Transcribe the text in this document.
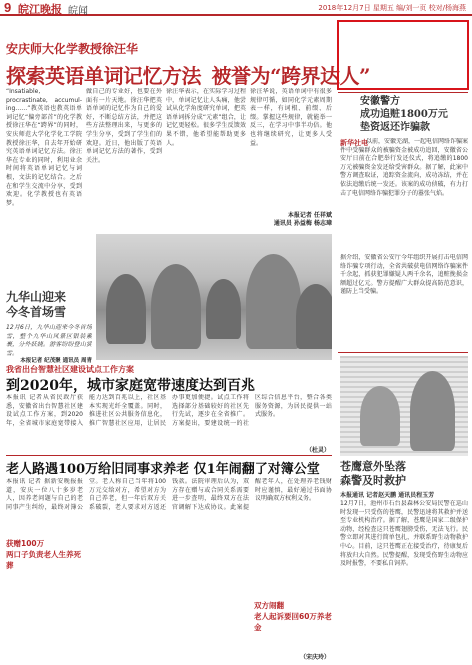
9 皖江晚报 皖闻	2018年12月7日 星期五 编/刘一页 校对/杨海燕
安庆师大化学教授徐汪华
探索英语单词记忆方法 被誉为“跨界达人”
“Insatiable, procrastinate, accumul-ing……”教英语也教英语单词记忆“偏旁部首”的化学教授徐汪华在“跨界”的同时，安庆师范大学化学化工学院教授徐汪华，自去年开始研究英语单词记忆方法。徐汪华在专业的同时，利用业余时间将英语单词记忆与词根，文法的记忆结合。之后在和学生交流中分享，受到欢迎。化学教授也有英语梦。
做自己的专业好，也要在外面有一片天地。徐汪华把英语单词的记忆作为自己的爱好，不断总结方法，并把这些方法整理出来，与更多的学生分享，受到了学生们的欢迎。近日，他出版了英语单词记忆方法的著作，受到关注。
徐汪华表示，在实际学习过程中，单词记忆让人头痛，他尝试从化学角度研究单词，把英语单词拆分成“元素”组合，让记忆更轻松。很多学生反馈效果不错，他希望能帮助更多人。
徐汪华说，英语单词中有很多规律可循，如同化学元素周期表一样，有词根、前缀、后缀。掌握这些规律，就能举一反三，在学习中事半功倍。他也将继续研究，让更多人受益。
本报记者 任祥斌
通讯员 孙益梅 杨志璋
安徽警方
成功追赃1800万元
垫资返还诈骗款
新华社电
以前，安徽芜湖，一起电信网络诈骗案件中受骗群众的被骗资金被成功追回，安徽省公安厅日前在合肥举行发还仪式，将追缴的1800万元被骗资金发还给受害群众。据了解，此案中警方调查取证，追踪资金流向，成功冻结，并在依法追缴后统一发还。该案的成功侦破，有力打击了电信网络诈骗犯罪分子的嚣张气焰。
据介绍，安徽省公安厅今年组织开展打击电信网络诈骗专项行动，全省共破获电信网络诈骗案件千余起，抓获犯罪嫌疑人两千余名，追赃挽损金额超过亿元。警方提醒广大群众提高防范意识，谨防上当受骗。
九华山迎来
今冬首场雪
12月6日，九华山迎来今冬首场雪，整个九华山风景区银装素裹，分外妖娆。游客纷纷登山赏雪。
本报记者 纪茂聚 通讯员 周青
我省出台智慧社区建设试点工作方案
到2020年，城市家庭宽带速度达到百兆
本报讯 记者从省民政厅获悉，安徽省出台智慧社区建设试点工作方案，到2020年，全省城市家庭宽带接入能力达到百兆以上，社区基本实现光纤全覆盖。同时，推进社区公共服务信息化，推广智慧社区应用，让居民办事更加便捷。试点工作将选择部分基础较好的社区先行先试，逐步在全省推广。方案提出，要建设统一的社区综合信息平台，整合各类服务资源，为居民提供一站式服务。
（杜灵）
老人路遇100万给旧同事求养老 仅1年闹翻了对簿公堂
本报讯 记者 据新安晚报报道，安庆一位八十多岁老人，因养老问题与自己的老同事产生纠纷，最终对簿公堂。老人称自己当年将100万元交给对方，希望对方为自己养老，但一年后双方关系破裂，老人要求对方返还钱款。法院审理后认为，双方存在赠与或合同关系需要进一步查明，最终双方在法官调解下达成协议。此案提醒老年人，在处理养老钱财时应谨慎，最好通过书面协议明确双方权利义务。
获赠100万
两口子负责老人生养死葬
双方闹翻
老人起诉要回60万养老金
（宋庆玲）
苍鹰意外坠落
森警及时救护
本报通讯 记者赵天鹏 通讯员程玉芳
12月7日，池州市石台县森林公安局民警在巡山时发现一只受伤的苍鹰，民警迅速将其救护并送至专业机构治疗。据了解，苍鹰是国家二级保护动物，经检查这只苍鹰翅膀受伤，无法飞行。民警立即对其进行简单包扎，并联系野生动物救护中心。目前，这只苍鹰正在接受治疗，待康复后将放归大自然。民警提醒，发现受伤野生动物应及时报警，不要私自饲养。
